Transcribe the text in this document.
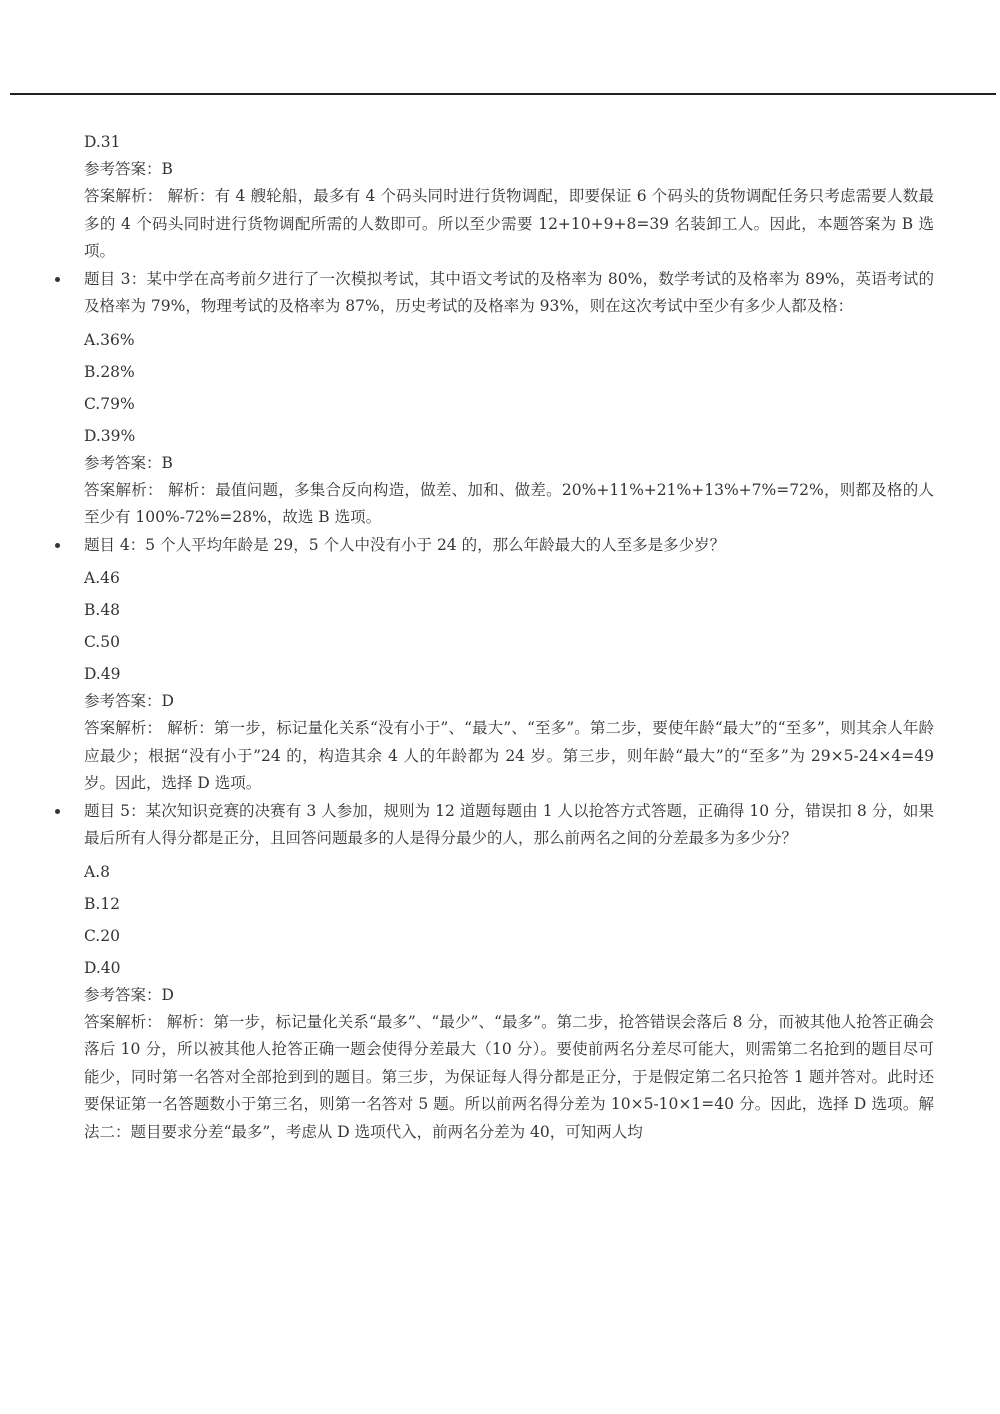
D.31
参考答案：B
答案解析： 解析：有 4 艘轮船，最多有 4 个码头同时进行货物调配，即要保证 6 个码头的货物调配任务只考虑需要人数最多的 4 个码头同时进行货物调配所需的人数即可。所以至少需要 12+10+9+8=39 名装卸工人。因此，本题答案为 B 选项。
题目 3：某中学在高考前夕进行了一次模拟考试，其中语文考试的及格率为 80%，数学考试的及格率为 89%，英语考试的及格率为 79%，物理考试的及格率为 87%，历史考试的及格率为 93%，则在这次考试中至少有多少人都及格：
A.36%
B.28%
C.79%
D.39%
参考答案：B
答案解析： 解析：最值问题，多集合反向构造，做差、加和、做差。20%+11%+21%+13%+7%=72%，则都及格的人至少有 100%-72%=28%，故选 B 选项。
题目 4：5 个人平均年龄是 29，5 个人中没有小于 24 的，那么年龄最大的人至多是多少岁？
A.46
B.48
C.50
D.49
参考答案：D
答案解析： 解析：第一步，标记量化关系“没有小于”、“最大”、“至多”。第二步，要使年龄“最大”的“至多”，则其余人年龄应最少；根据“没有小于”24 的，构造其余 4 人的年龄都为 24 岁。第三步，则年龄“最大”的“至多”为 29×5-24×4=49 岁。因此，选择 D 选项。
题目 5：某次知识竞赛的决赛有 3 人参加，规则为 12 道题每题由 1 人以抢答方式答题，正确得 10 分，错误扣 8 分，如果最后所有人得分都是正分，且回答问题最多的人是得分最少的人，那么前两名之间的分差最多为多少分？
A.8
B.12
C.20
D.40
参考答案：D
答案解析： 解析：第一步，标记量化关系“最多”、“最少”、“最多”。第二步，抢答错误会落后 8 分，而被其他人抢答正确会落后 10 分，所以被其他人抢答正确一题会使得分差最大（10 分）。要使前两名分差尽可能大，则需第二名抢到的题目尽可能少，同时第一名答对全部抢到到的题目。第三步，为保证每人得分都是正分，于是假定第二名只抢答 1 题并答对。此时还要保证第一名答题数小于第三名，则第一名答对 5 题。所以前两名得分差为 10×5-10×1=40 分。因此，选择 D 选项。解法二：题目要求分差“最多”，考虑从 D 选项代入，前两名分差为 40，可知两人均
